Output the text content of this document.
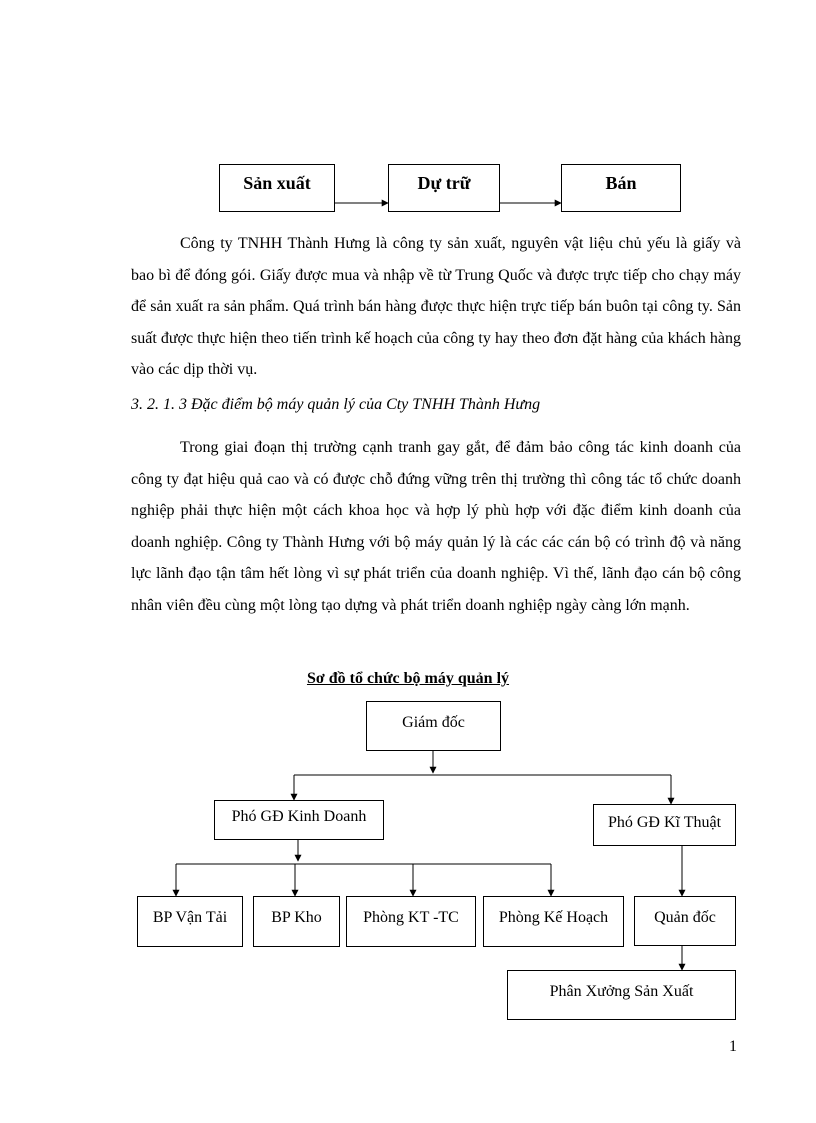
Sản xuất	Dự trữ	Bán

Công ty TNHH Thành Hưng là công ty sản xuất, nguyên vật liệu chủ yếu là giấy và bao bì để đóng gói. Giấy được mua và nhập về từ Trung Quốc và được trực tiếp cho chạy máy để sản xuất ra sản phẩm. Quá trình bán hàng được thực hiện trực tiếp bán buôn tại công ty. Sản suất được thực hiện theo tiến trình kế hoạch của công ty hay theo đơn đặt hàng của khách hàng vào các dịp thời vụ.

3. 2. 1. 3 Đặc điểm bộ máy quản lý của Cty TNHH Thành Hưng

Trong giai đoạn thị trường cạnh tranh gay gắt, để đảm bảo công tác kinh doanh của công ty đạt hiệu quả cao và có được chỗ đứng vững trên thị trường thì công tác tổ chức doanh nghiệp phải thực hiện một cách khoa học và hợp lý phù hợp với đặc điểm kinh doanh của doanh nghiệp. Công ty Thành Hưng với bộ máy quản lý là các các cán bộ có trình độ và năng lực lãnh đạo tận tâm hết lòng vì sự phát triển của doanh nghiệp. Vì thế, lãnh đạo cán bộ công nhân viên đều cùng một lòng tạo dựng và phát triển doanh nghiệp ngày càng lớn mạnh.

Sơ đồ tổ chức bộ máy quản lý

Giám đốc
Phó GĐ Kinh Doanh	Phó GĐ Kĩ Thuật
BP Vận Tải	BP Kho	Phòng KT -TC Phòng Kế Hoạch	Quản đốc
Phân Xưởng Sản Xuất
1
